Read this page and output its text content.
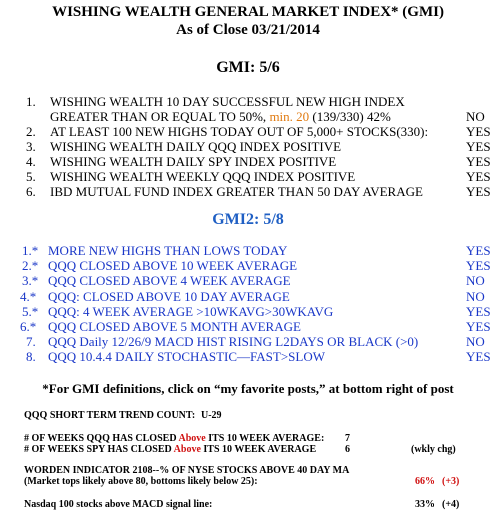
WISHING WEALTH GENERAL MARKET INDEX* (GMI)
As of Close 03/21/2014
GMI: 5/6
1. WISHING WEALTH 10 DAY SUCCESSFUL NEW HIGH INDEX
GREATER THAN OR EQUAL TO 50%, min. 20 (139/330) 42%	NO
2. AT LEAST 100 NEW HIGHS TODAY OUT OF 5,000+ STOCKS(330):	YES
3. WISHING WEALTH DAILY QQQ INDEX POSITIVE	YES
4. WISHING WEALTH DAILY SPY INDEX POSITIVE	YES
5. WISHING WEALTH WEEKLY QQQ INDEX POSITIVE	YES
6. IBD MUTUAL FUND INDEX GREATER THAN 50 DAY AVERAGE	YES
GMI2: 5/8
1.* MORE NEW HIGHS THAN LOWS TODAY	YES
2.* QQQ CLOSED ABOVE 10 WEEK AVERAGE	YES
3.* QQQ CLOSED ABOVE 4 WEEK AVERAGE	NO
4.* QQQ: CLOSED ABOVE 10 DAY AVERAGE	NO
5.* QQQ: 4 WEEK AVERAGE >10WKAVG>30WKAVG	YES
6.* QQQ CLOSED ABOVE 5 MONTH AVERAGE	YES
7. QQQ Daily 12/26/9 MACD HIST RISING L2DAYS OR BLACK (>0)	NO
8. QQQ 10.4.4 DAILY STOCHASTIC—FAST>SLOW	YES
*For GMI definitions, click on “my favorite posts,” at bottom right of post
QQQ SHORT TERM TREND COUNT: U-29
# OF WEEKS QQQ HAS CLOSED Above ITS 10 WEEK AVERAGE: 7
# OF WEEKS SPY HAS CLOSED Above ITS 10 WEEK AVERAGE	6	(wkly chg)
WORDEN INDICATOR 2108--% OF NYSE STOCKS ABOVE 40 DAY MA
(Market tops likely above 80, bottoms likely below 25):	66% (+3)
Nasdaq 100 stocks above MACD signal line:	33% (+4)
